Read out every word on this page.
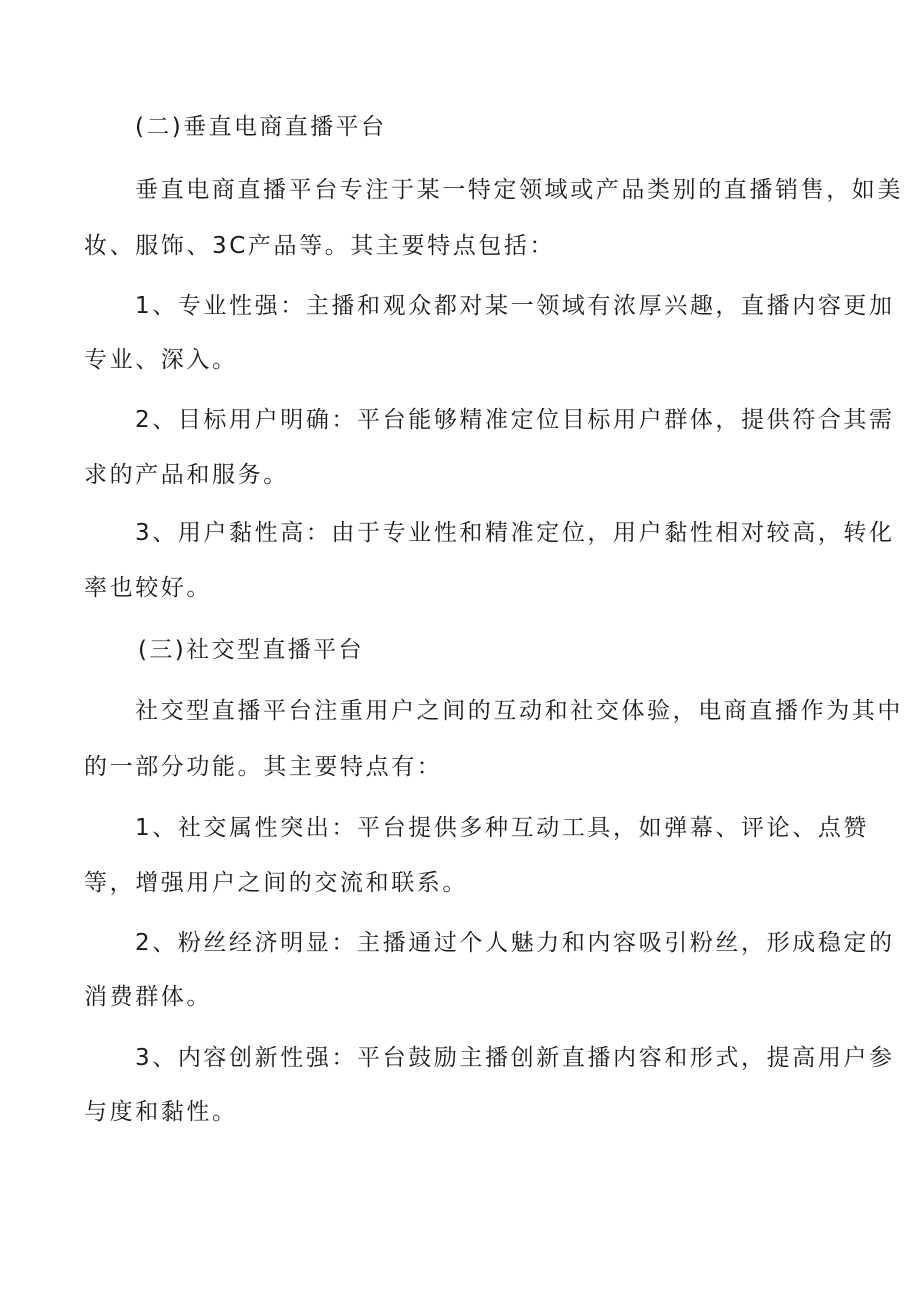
(二)垂直电商直播平台
垂直电商直播平台专注于某一特定领域或产品类别的直播销售，如美
妆、服饰、3C产品等。其主要特点包括：
1、专业性强：主播和观众都对某一领域有浓厚兴趣，直播内容更加
专业、深入。
2、目标用户明确：平台能够精准定位目标用户群体，提供符合其需
求的产品和服务。
3、用户黏性高：由于专业性和精准定位，用户黏性相对较高，转化
率也较好。
(三)社交型直播平台
社交型直播平台注重用户之间的互动和社交体验，电商直播作为其中
的一部分功能。其主要特点有：
1、社交属性突出：平台提供多种互动工具，如弹幕、评论、点赞
等，增强用户之间的交流和联系。
2、粉丝经济明显：主播通过个人魅力和内容吸引粉丝，形成稳定的
消费群体。
3、内容创新性强：平台鼓励主播创新直播内容和形式，提高用户参
与度和黏性。
